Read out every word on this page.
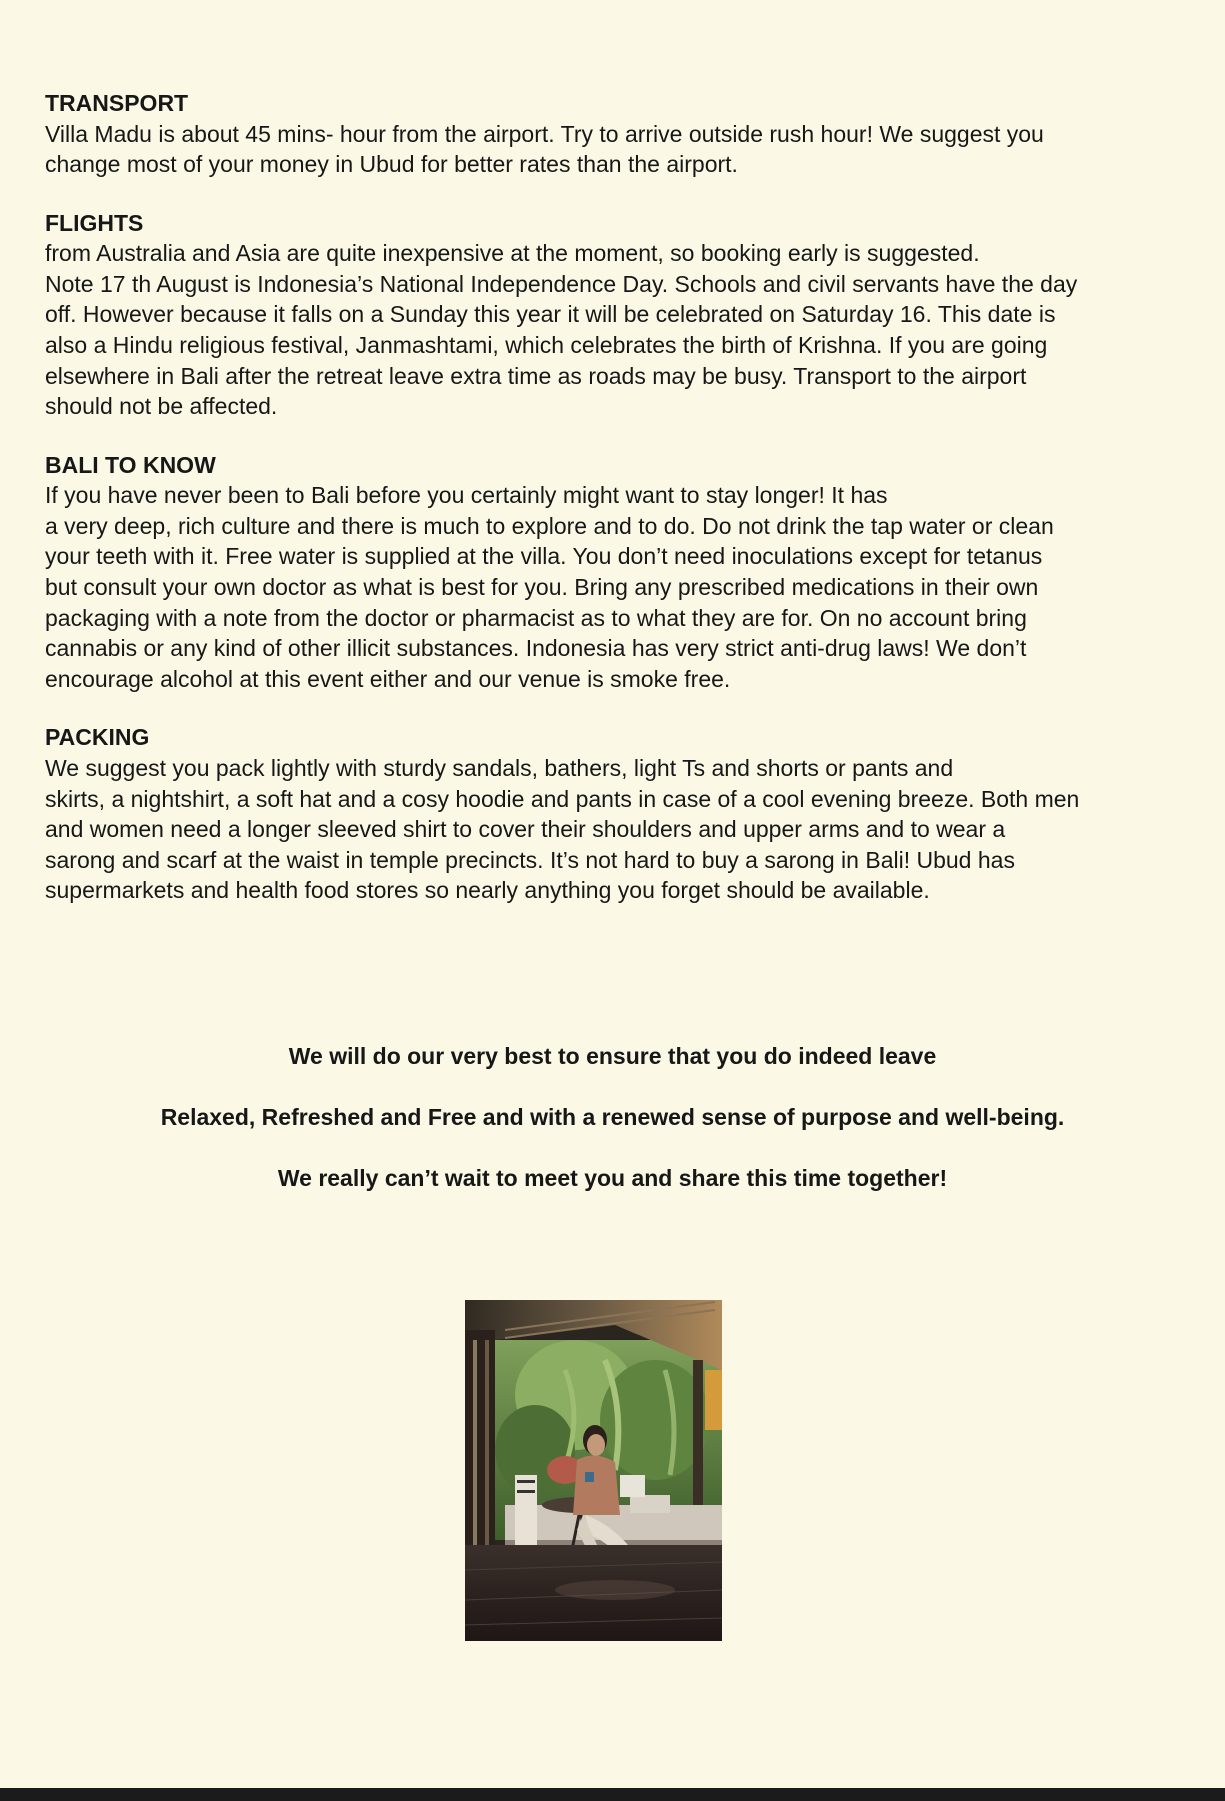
TRANSPORT

Villa Madu is about 45 mins- hour from the airport. Try to arrive outside rush hour! We suggest you
change most of your money in Ubud for better rates than the airport.

FLIGHTS

from Australia and Asia are quite inexpensive at the moment, so booking early is suggested.
Note 17 th August is Indonesia’s National Independence Day. Schools and civil servants have the day
off. However because it falls on a Sunday this year it will be celebrated on Saturday 16. This date is
also a Hindu religious festival, Janmashtami, which celebrates the birth of Krishna. If you are going
elsewhere in Bali after the retreat leave extra time as roads may be busy. Transport to the airport
should not be affected.

BALI TO KNOW

If you have never been to Bali before you certainly might want to stay longer! It has
a very deep, rich culture and there is much to explore and to do. Do not drink the tap water or clean
your teeth with it. Free water is supplied at the villa. You don’t need inoculations except for tetanus
but consult your own doctor as what is best for you. Bring any prescribed medications in their own
packaging with a note from the doctor or pharmacist as to what they are for. On no account bring
cannabis or any kind of other illicit substances. Indonesia has very strict anti-drug laws! We don’t
encourage alcohol at this event either and our venue is smoke free.

PACKING

We suggest you pack lightly with sturdy sandals, bathers, light Ts and shorts or pants and
skirts, a nightshirt, a soft hat and a cosy hoodie and pants in case of a cool evening breeze. Both men
and women need a longer sleeved shirt to cover their shoulders and upper arms and to wear a
sarong and scarf at the waist in temple precincts. It’s not hard to buy a sarong in Bali! Ubud has
supermarkets and health food stores so nearly anything you forget should be available.

We will do our very best to ensure that you do indeed leave

Relaxed, Refreshed and Free and with a renewed sense of purpose and well-being.

We really can’t wait to meet you and share this time together!
